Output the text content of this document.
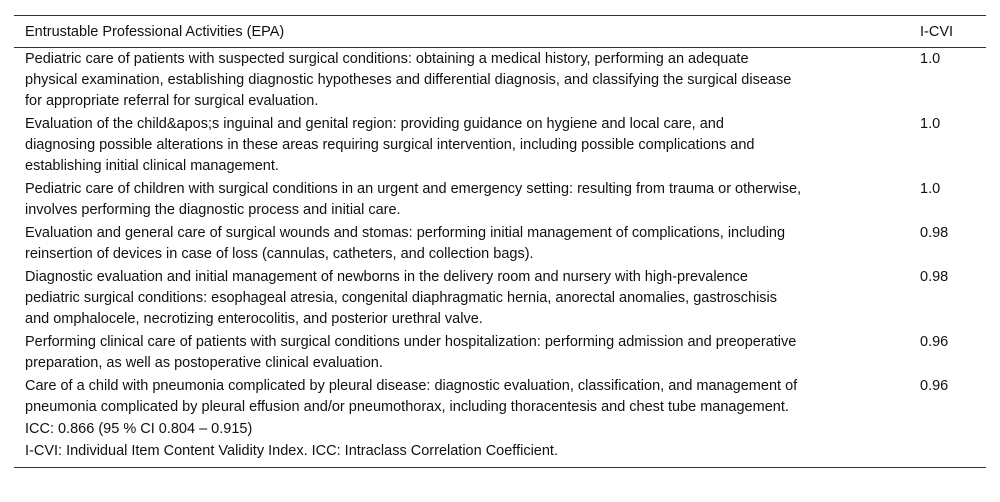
Entrustable Professional Activities (EPA)	I-CVI
Pediatric care of patients with suspected surgical conditions: obtaining a medical history, performing an adequate
physical examination, establishing diagnostic hypotheses and differential diagnosis, and classifying the surgical disease
for appropriate referral for surgical evaluation.
1.0
Evaluation of the child&apos;s inguinal and genital region: providing guidance on hygiene and local care, and
diagnosing possible alterations in these areas requiring surgical intervention, including possible complications and
establishing initial clinical management.
1.0
Pediatric care of children with surgical conditions in an urgent and emergency setting: resulting from trauma or otherwise,
involves performing the diagnostic process and initial care.
1.0
Evaluation and general care of surgical wounds and stomas: performing initial management of complications, including
reinsertion of devices in case of loss (cannulas, catheters, and collection bags).
0.98
Diagnostic evaluation and initial management of newborns in the delivery room and nursery with high-prevalence
pediatric surgical conditions: esophageal atresia, congenital diaphragmatic hernia, anorectal anomalies, gastroschisis
and omphalocele, necrotizing enterocolitis, and posterior urethral valve.
0.98
Performing clinical care of patients with surgical conditions under hospitalization: performing admission and preoperative
preparation, as well as postoperative clinical evaluation.
0.96
Care of a child with pneumonia complicated by pleural disease: diagnostic evaluation, classification, and management of
pneumonia complicated by pleural effusion and/or pneumothorax, including thoracentesis and chest tube management.
0.96
ICC: 0.866 (95 % CI 0.804 – 0.915)
I-CVI: Individual Item Content Validity Index. ICC: Intraclass Correlation Coefficient.
